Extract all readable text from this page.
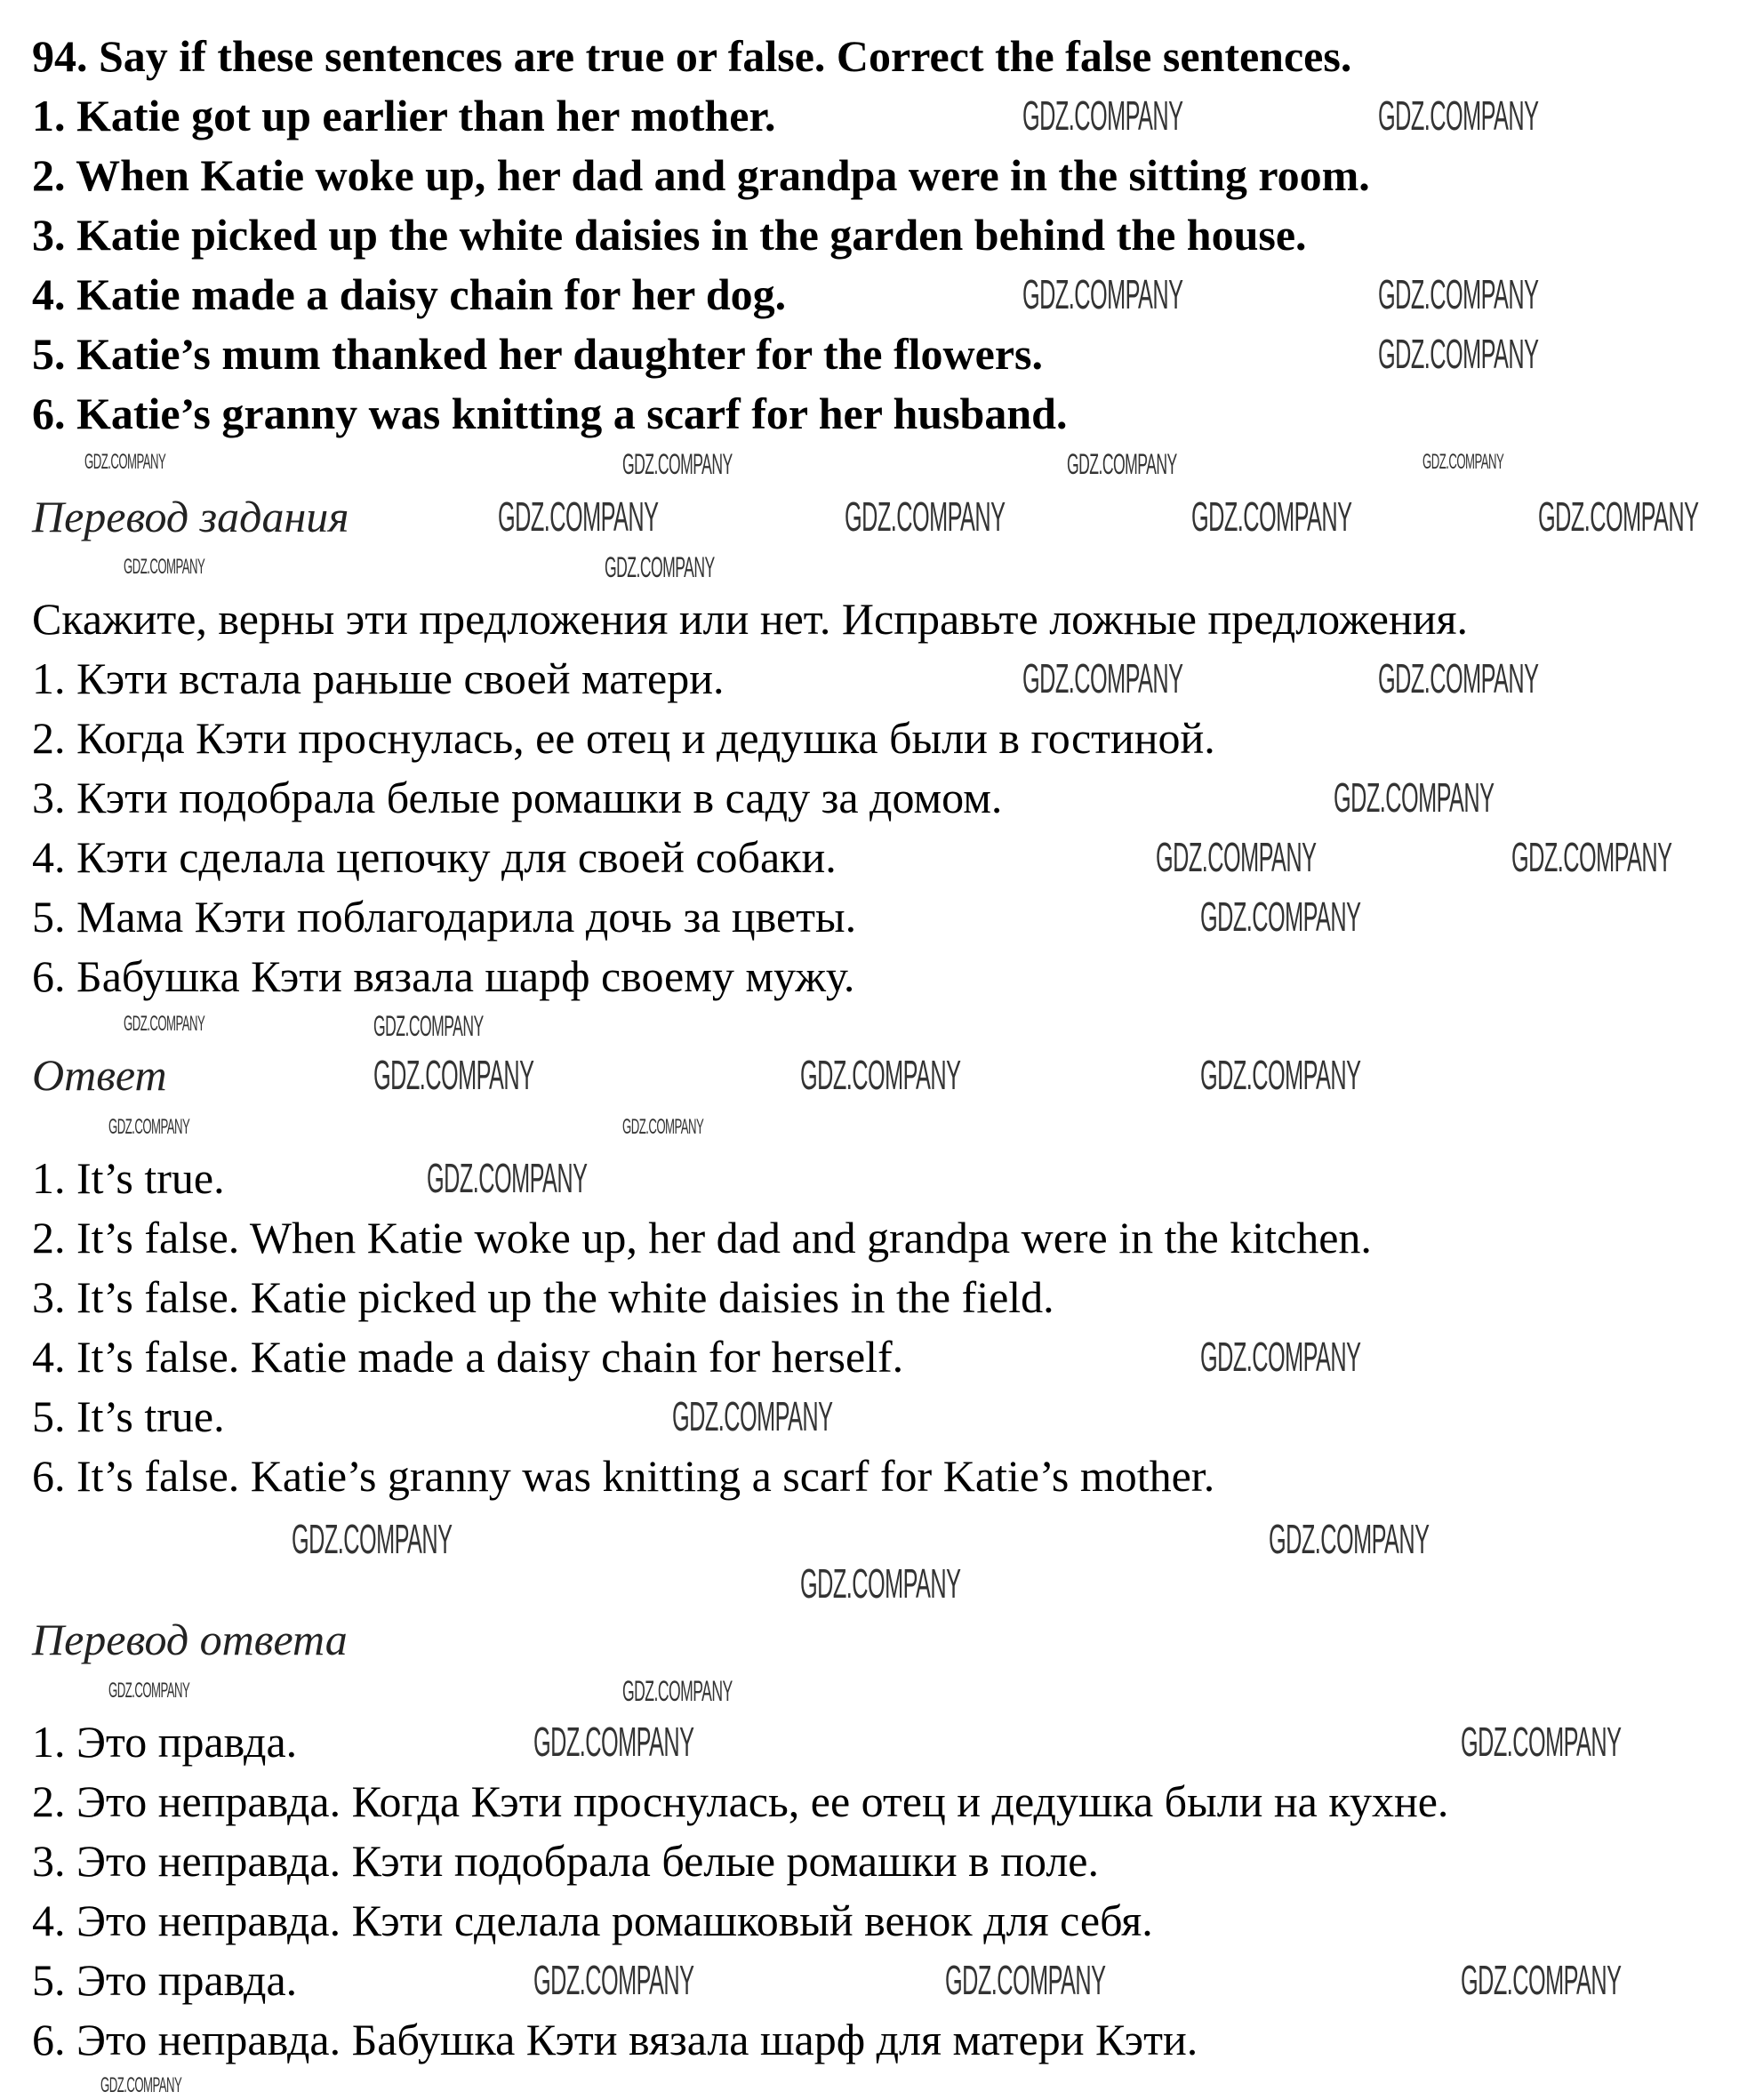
94. Say if these sentences are true or false. Correct the false sentences.
1. Katie got up earlier than her mother.
2. When Katie woke up, her dad and grandpa were in the sitting room.
3. Katie picked up the white daisies in the garden behind the house.
4. Katie made a daisy chain for her dog.
5. Katie’s mum thanked her daughter for the flowers.
6. Katie’s granny was knitting a scarf for her husband.
Перевод задания
Скажите, верны эти предложения или нет. Исправьте ложные предложения.
1. Кэти встала раньше своей матери.
2. Когда Кэти проснулась, ее отец и дедушка были в гостиной.
3. Кэти подобрала белые ромашки в саду за домом.
4. Кэти сделала цепочку для своей собаки.
5. Мама Кэти поблагодарила дочь за цветы.
6. Бабушка Кэти вязала шарф своему мужу.
Ответ
1. It’s true.
2. It’s false. When Katie woke up, her dad and grandpa were in the kitchen.
3. It’s false. Katie picked up the white daisies in the field.
4. It’s false. Katie made a daisy chain for herself.
5. It’s true.
6. It’s false. Katie’s granny was knitting a scarf for Katie’s mother.
Перевод ответа
1. Это правда.
2. Это неправда. Когда Кэти проснулась, ее отец и дедушка были на кухне.
3. Это неправда. Кэти подобрала белые ромашки в поле.
4. Это неправда. Кэти сделала ромашковый венок для себя.
5. Это правда.
6. Это неправда. Бабушка Кэти вязала шарф для матери Кэти.
GDZ.COMPANY	GDZ.COMPANY
GDZ.COMPANY	GDZ.COMPANY
GDZ.COMPANY
GDZ.COMPANY	GDZ.COMPANY	GDZ.COMPANY	GDZ.COMPANY
GDZ.COMPANY	GDZ.COMPANY
GDZ.COMPANY
GDZ.COMPANY	GDZ.COMPANY
GDZ.COMPANY
GDZ.COMPANY	GDZ.COMPANY	GDZ.COMPANY
GDZ.COMPANY
GDZ.COMPANY
GDZ.COMPANY
GDZ.COMPANY	GDZ.COMPANY
GDZ.COMPANY
GDZ.COMPANY	GDZ.COMPANY
GDZ.COMPANY	GDZ.COMPANY	GDZ.COMPANY
GDZ.COMPANY	GDZ.COMPANY	GDZ.COMPANY	GDZ.COMPANY
GDZ.COMPANY	GDZ.COMPANY
GDZ.COMPANY	GDZ.COMPANY
GDZ.COMPANY	GDZ.COMPANY
GDZ.COMPANY	GDZ.COMPANY
GDZ.COMPANY
